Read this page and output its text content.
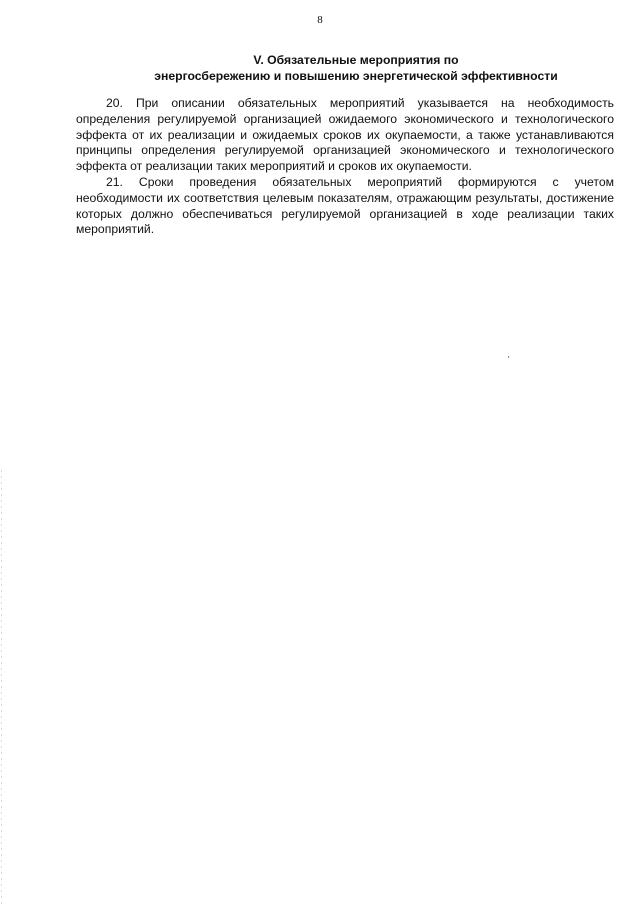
8
V. Обязательные мероприятия по
энергосбережению и повышению энергетической эффективности

20. При описании обязательных мероприятий указывается на необходимость определения регулируемой организацией ожидаемого экономического и технологического эффекта от их реализации и ожидаемых сроков их окупаемости, а также устанавливаются принципы определения регулируемой организацией экономического и технологического эффекта от реализации таких мероприятий и сроков их окупаемости.

21. Сроки проведения обязательных мероприятий формируются с учетом необходимости их соответствия целевым показателям, отражающим результаты, достижение которых должно обеспечиваться регулируемой организацией в ходе реализации таких мероприятий.
